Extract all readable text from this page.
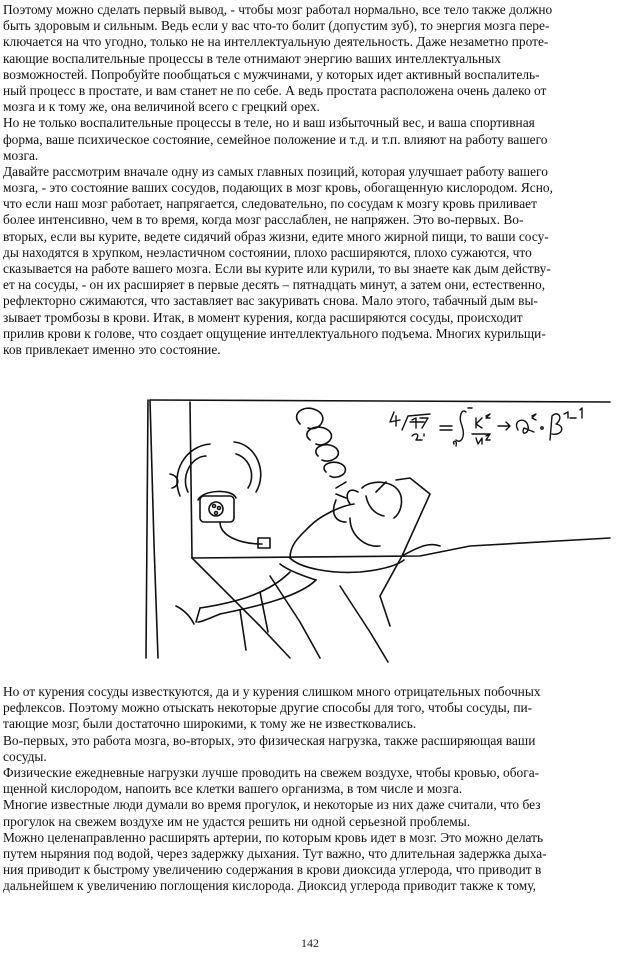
Поэтому можно сделать первый вывод, - чтобы мозг работал нормально, все тело также должно
быть здоровым и сильным. Ведь если у вас что-то болит (допустим зуб), то энергия мозга пере-
ключается на что угодно, только не на интеллектуальную деятельность. Даже незаметно проте-
кающие воспалительные процессы в теле отнимают энергию ваших интеллектуальных
возможностей. Попробуйте пообщаться с мужчинами, у которых идет активный воспалитель-
ный процесс в простате, и вам станет не по себе. А ведь простата расположена очень далеко от
мозга и к тому же, она величиной всего с грецкий орех.
Но не только воспалительные процессы в теле, но и ваш избыточный вес, и ваша спортивная
форма, ваше психическое состояние, семейное положение и т.д. и т.п. влияют на работу вашего
мозга.
Давайте рассмотрим вначале одну из самых главных позиций, которая улучшает работу вашего
мозга, - это состояние ваших сосудов, подающих в мозг кровь, обогащенную кислородом. Ясно,
что если наш мозг работает, напрягается, следовательно, по сосудам к мозгу кровь приливает
более интенсивно, чем в то время, когда мозг расслаблен, не напряжен. Это во-первых. Во-
вторых, если вы курите, ведете сидячий образ жизни, едите много жирной пищи, то ваши сосу-
ды находятся в хрупком, неэластичном состоянии, плохо расширяются, плохо сужаются, что
сказывается на работе вашего мозга. Если вы курите или курили, то вы знаете как дым действу-
ет на сосуды, - он их расширяет в первые десять – пятнадцать минут, а затем они, естественно,
рефлекторно сжимаются, что заставляет вас закуривать снова. Мало этого, табачный дым вы-
зывает тромбозы в крови. Итак, в момент курения, когда расширяются сосуды, происходит
прилив крови к голове, что создает ощущение интеллектуального подъема. Многих курильщи-
ков привлекает именно это состояние.
Но от курения сосуды известкуются, да и у курения слишком много отрицательных побочных
рефлексов. Поэтому можно отыскать некоторые другие способы для того, чтобы сосуды, пи-
тающие мозг, были достаточно широкими, к тому же не известковались.
Во-первых, это работа мозга, во-вторых, это физическая нагрузка, также расширяющая ваши
сосуды.
Физические ежедневные нагрузки лучше проводить на свежем воздухе, чтобы кровью, обога-
щенной кислородом, напоить все клетки вашего организма, в том числе и мозга.
Многие известные люди думали во время прогулок, и некоторые из них даже считали, что без
прогулок на свежем воздухе им не удастся решить ни одной серьезной проблемы.
Можно целенаправленно расширять артерии, по которым кровь идет в мозг. Это можно делать
путем ныряния под водой, через задержку дыхания. Тут важно, что длительная задержка дыха-
ния приводит к быстрому увеличению содержания в крови диоксида углерода, что приводит в
дальнейшем к увеличению поглощения кислорода. Диоксид углерода приводит также к тому,
142
